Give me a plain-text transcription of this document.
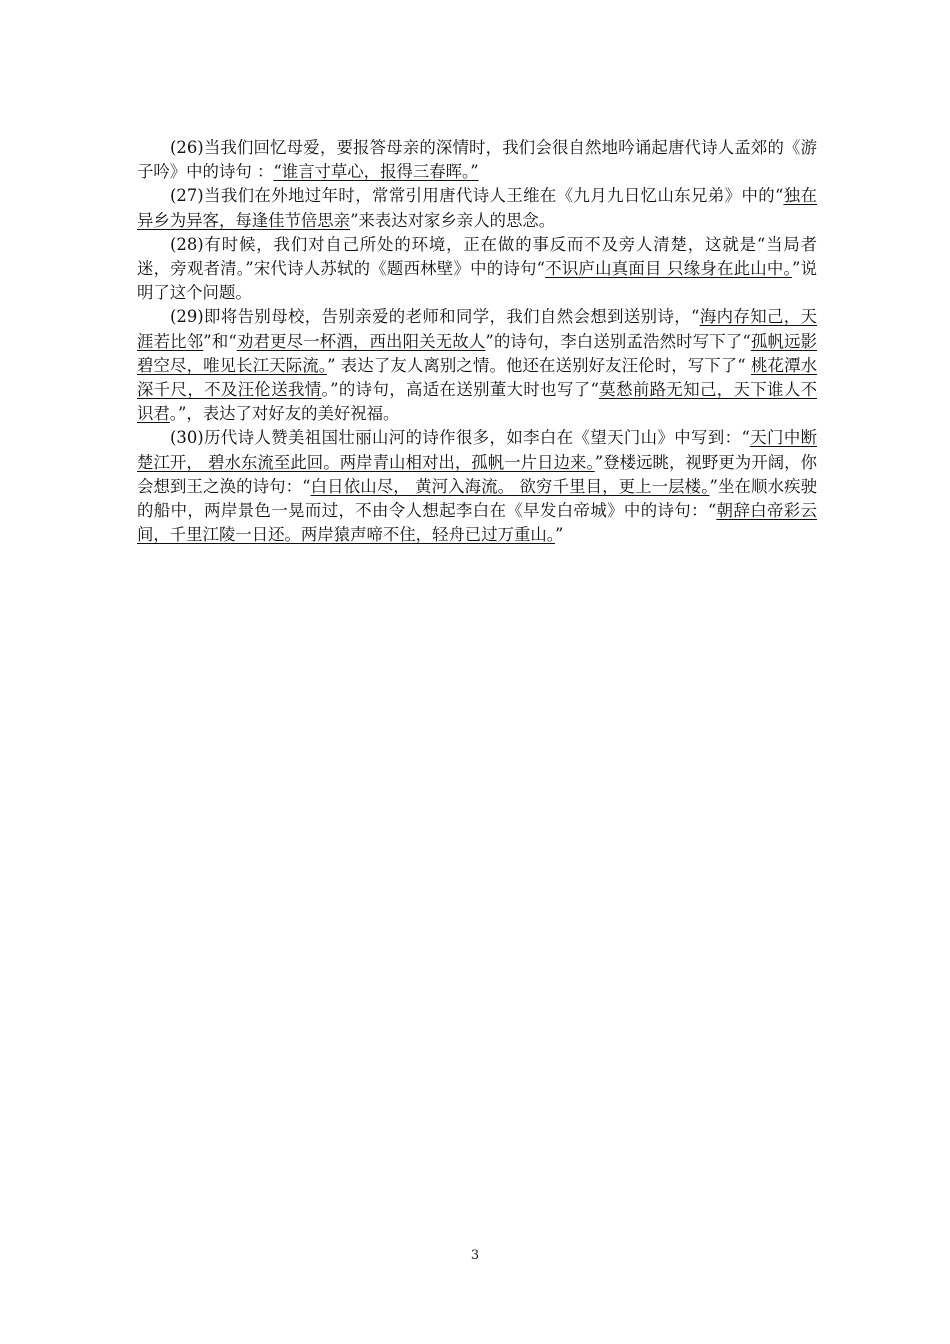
(26)当我们回忆母爱，要报答母亲的深情时，我们会很自然地吟诵起唐代诗人孟郊的《游子吟》中的诗句 ：“谁言寸草心，报得三春晖。”

(27)当我们在外地过年时，常常引用唐代诗人王维在《九月九日忆山东兄弟》中的“独在异乡为异客，每逢佳节倍思亲”来表达对家乡亲人的思念。

(28)有时候，我们对自己所处的环境，正在做的事反而不及旁人清楚，这就是“当局者迷，旁观者清。”宋代诗人苏轼的《题西林壁》中的诗句“不识庐山真面目 只缘身在此山中。”说明了这个问题。

(29)即将告别母校，告别亲爱的老师和同学，我们自然会想到送别诗，“海内存知己，天涯若比邻”和“劝君更尽一杯酒，西出阳关无故人”的诗句，李白送别孟浩然时写下了“孤帆远影碧空尽，唯见长江天际流。” 表达了友人离别之情。他还在送别好友汪伦时，写下了“ 桃花潭水深千尺，不及汪伦送我情。”的诗句，高适在送别董大时也写了“莫愁前路无知己，天下谁人不识君。”，表达了对好友的美好祝福。

(30)历代诗人赞美祖国壮丽山河的诗作很多，如李白在《望天门山》中写到：“天门中断楚江开， 碧水东流至此回。两岸青山相对出，孤帆一片日边来。”登楼远眺，视野更为开阔，你会想到王之涣的诗句：“白日依山尽， 黄河入海流。 欲穷千里目，更上一层楼。”坐在顺水疾驶的船中，两岸景色一晃而过，不由令人想起李白在《早发白帝城》中的诗句：“朝辞白帝彩云间，千里江陵一日还。两岸猿声啼不住，轻舟已过万重山。”

3
